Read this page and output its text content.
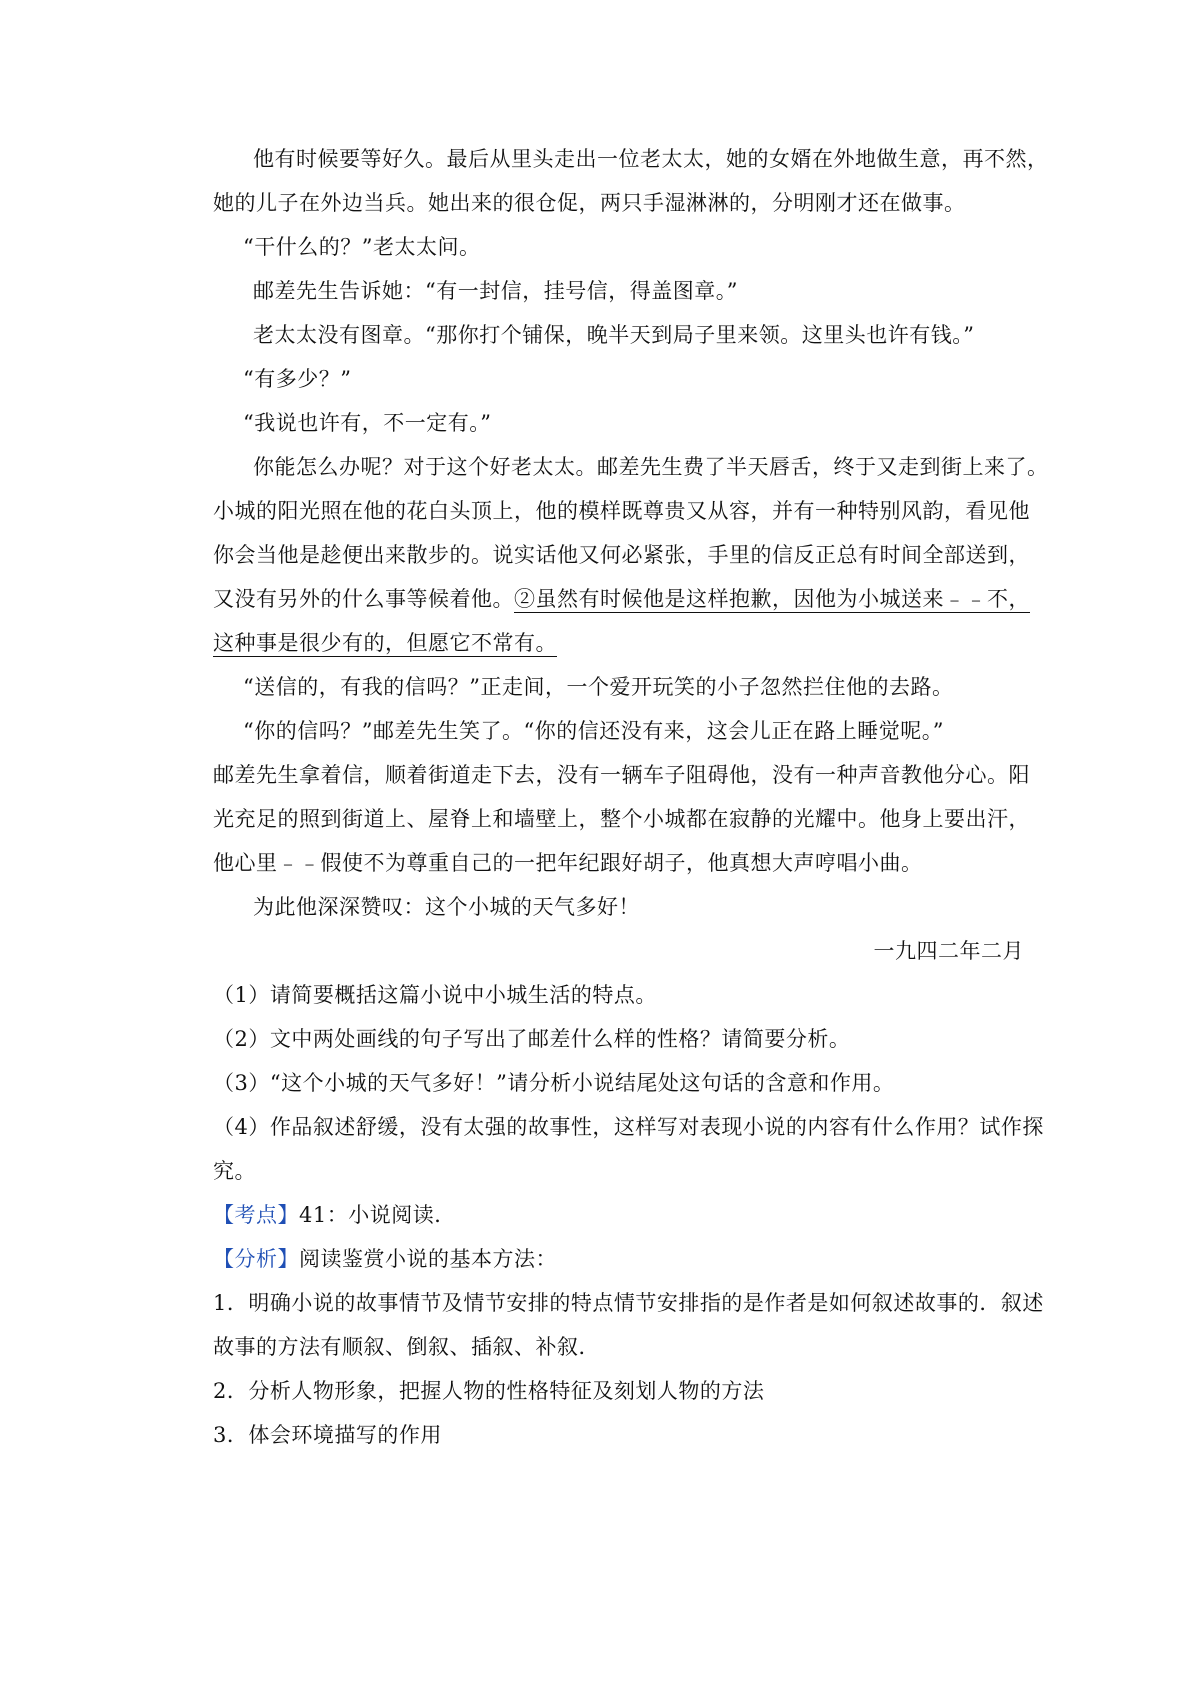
他有时候要等好久。最后从里头走出一位老太太，她的女婿在外地做生意，再不然，
她的儿子在外边当兵。她出来的很仓促，两只手湿淋淋的，分明刚才还在做事。
“干什么的？”老太太问。
邮差先生告诉她：“有一封信，挂号信，得盖图章。”
老太太没有图章。“那你打个铺保，晚半天到局子里来领。这里头也许有钱。”
“有多少？”
“我说也许有，不一定有。”
你能怎么办呢？对于这个好老太太。邮差先生费了半天唇舌，终于又走到街上来了。
小城的阳光照在他的花白头顶上，他的模样既尊贵又从容，并有一种特别风韵，看见他
你会当他是趁便出来散步的。说实话他又何必紧张，手里的信反正总有时间全部送到，
又没有另外的什么事等候着他。②虽然有时候他是这样抱歉，因他为小城送来﹣﹣不，
这种事是很少有的，但愿它不常有。
“送信的，有我的信吗？”正走间，一个爱开玩笑的小子忽然拦住他的去路。
“你的信吗？”邮差先生笑了。“你的信还没有来，这会儿正在路上睡觉呢。”
邮差先生拿着信，顺着街道走下去，没有一辆车子阻碍他，没有一种声音教他分心。阳
光充足的照到街道上、屋脊上和墙壁上，整个小城都在寂静的光耀中。他身上要出汗，
他心里﹣﹣假使不为尊重自己的一把年纪跟好胡子，他真想大声哼唱小曲。
为此他深深赞叹：这个小城的天气多好！
一九四二年二月
（1）请简要概括这篇小说中小城生活的特点。
（2）文中两处画线的句子写出了邮差什么样的性格？请简要分析。
（3）“这个小城的天气多好！”请分析小说结尾处这句话的含意和作用。
（4）作品叙述舒缓，没有太强的故事性，这样写对表现小说的内容有什么作用？试作探
究。
【考点】41：小说阅读．
【分析】阅读鉴赏小说的基本方法：
1．明确小说的故事情节及情节安排的特点情节安排指的是作者是如何叙述故事的．叙述
故事的方法有顺叙、倒叙、插叙、补叙．
2．分析人物形象，把握人物的性格特征及刻划人物的方法
3．体会环境描写的作用
